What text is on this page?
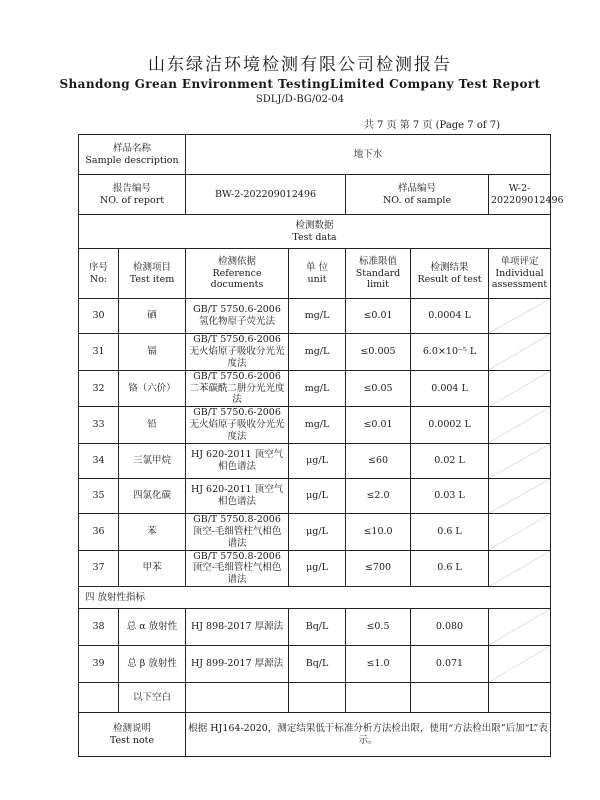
山东绿洁环境检测有限公司检测报告
Shandong Grean Environment TestingLimited Company Test Report
SDLJ/D-BG/02-04
共 7 页 第 7 页 (Page 7 of 7)
样品名称
Sample description		地下水				

报告编号
NO. of report		BW-2-202209012496		样品编号
NO. of sample		W-2-202209012496

检测数据
Test data						

序号
No:	检测项目
Test item	检测依据
Reference documents	单 位
unit	标准限值
Standard limit	检测结果
Result of test	单项评定
Individual
assessment

30	硒	GB/T 5750.6-2006 氢化物原子荧光法	mg/L	≤0.01	0.0004 L	

31	镉	GB/T 5750.6-2006 无火焰原子吸收分光光度法	mg/L	≤0.005	6.0×10⁻⁵ L	

32	铬（六价）	GB/T 5750.6-2006 二苯碳酰二肼分光光度法	mg/L	≤0.05	0.004 L	

33	铅	GB/T 5750.6-2006 无火焰原子吸收分光光度法	mg/L	≤0.01	0.0002 L	

34	三氯甲烷	HJ 620-2011 顶空气相色谱法	μg/L	≤60	0.02 L	

35	四氯化碳	HJ 620-2011 顶空气相色谱法	μg/L	≤2.0	0.03 L	

36	苯	GB/T 5750.8-2006 顶空-毛细管柱气相色谱法	μg/L	≤10.0	0.6 L	

37	甲苯	GB/T 5750.8-2006 顶空-毛细管柱气相色谱法	μg/L	≤700	0.6 L	

四 放射性指标						
38	总 α 放射性	HJ 898-2017 厚源法	Bq/L	≤0.5	0.080	

39	总 β 放射性	HJ 899-2017 厚源法	Bq/L	≤1.0	0.071	

	以下空白					

检测说明
Test note		根据 HJ164-2020，测定结果低于标准分析方法检出限，使用“方法检出限”后加“L”表示。				
